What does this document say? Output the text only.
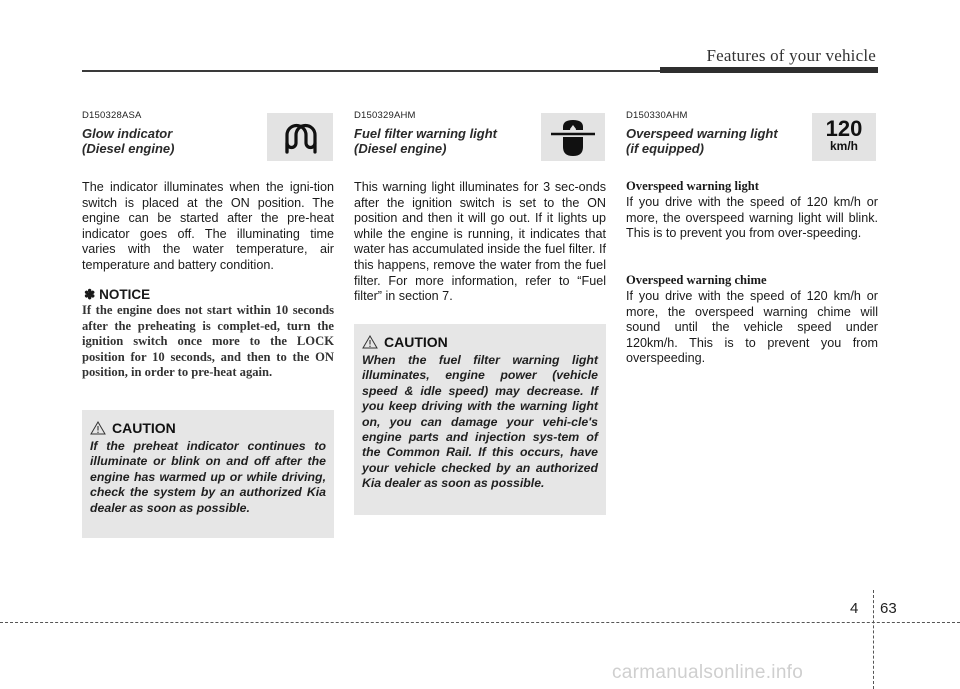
Features of your vehicle
D150328ASA
Glow indicator
(Diesel engine)
The indicator illuminates when the igni-tion switch is placed at the ON position. The engine can be started after the pre-heat indicator goes off. The illuminating time varies with the water temperature, air temperature and battery condition.
✽ NOTICE
If the engine does not start within 10 seconds after the preheating is complet-ed, turn the ignition switch once more to the LOCK position for 10 seconds, and then to the ON position, in order to pre-heat again.
CAUTION
If the preheat indicator continues to illuminate or blink on and off after the engine has warmed up or while driving, check the system by an authorized Kia dealer as soon as possible.
D150329AHM
Fuel filter warning light
(Diesel engine)
This warning light illuminates for 3 sec-onds after the ignition switch is set to the ON position and then it will go out. If it lights up while the engine is running, it indicates that water has accumulated inside the fuel filter. If this happens, remove the water from the fuel filter. For more information, refer to “Fuel filter” in section 7.
CAUTION
When the fuel filter warning light illuminates, engine power (vehicle speed & idle speed) may decrease. If you keep driving with the warning light on, you can damage your vehi-cle's engine parts and injection sys-tem of the Common Rail. If this occurs, have your vehicle checked by an authorized Kia dealer as soon as possible.
D150330AHM
Overspeed warning light
(if equipped)
120
km/h
Overspeed warning light
If you drive with the speed of 120 km/h or more, the overspeed warning light will blink. This is to prevent you from over-speeding.
Overspeed warning chime
If you drive with the speed of 120 km/h or more, the overspeed warning chime will sound until the vehicle speed under 120km/h. This is to prevent you from overspeeding.
4 63
carmanualsonline.info
